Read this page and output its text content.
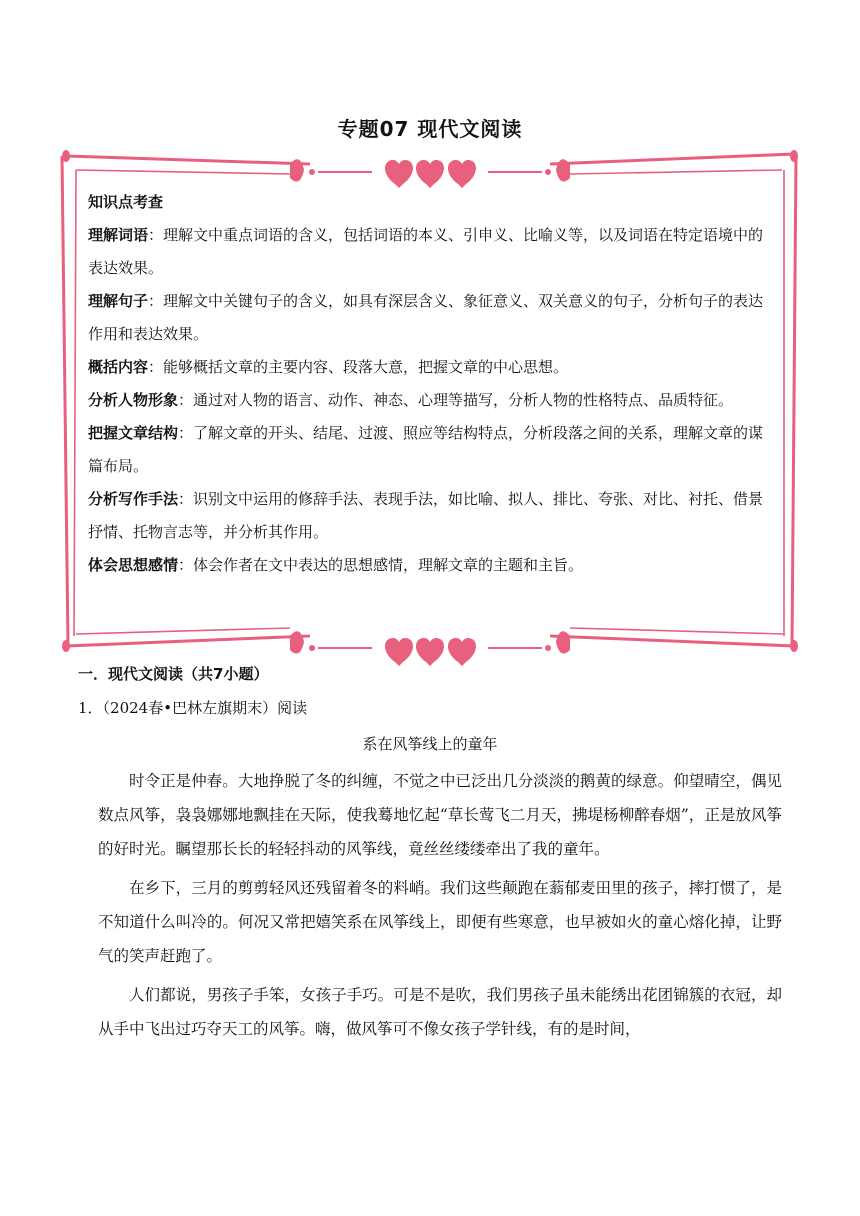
专题07 现代文阅读

知识点考查

理解词语：理解文中重点词语的含义，包括词语的本义、引申义、比喻义等，以及词语在特定语境中的表达效果。

理解句子：理解文中关键句子的含义，如具有深层含义、象征意义、双关意义的句子，分析句子的表达作用和表达效果。

概括内容：能够概括文章的主要内容、段落大意，把握文章的中心思想。

分析人物形象：通过对人物的语言、动作、神态、心理等描写，分析人物的性格特点、品质特征。

把握文章结构：了解文章的开头、结尾、过渡、照应等结构特点，分析段落之间的关系，理解文章的谋篇布局。

分析写作手法：识别文中运用的修辞手法、表现手法，如比喻、拟人、排比、夸张、对比、衬托、借景抒情、托物言志等，并分析其作用。

体会思想感情：体会作者在文中表达的思想感情，理解文章的主题和主旨。

一．现代文阅读（共7小题）
1．（2024春•巴林左旗期末）阅读
系在风筝线上的童年

时令正是仲春。大地挣脱了冬的纠缠，不觉之中已泛出几分淡淡的鹅黄的绿意。仰望晴空，偶见数点风筝，袅袅娜娜地飘挂在天际，使我蓦地忆起“草长莺飞二月天，拂堤杨柳醉春烟”，正是放风筝的好时光。瞩望那长长的轻轻抖动的风筝线，竟丝丝缕缕牵出了我的童年。

在乡下，三月的剪剪轻风还残留着冬的料峭。我们这些颠跑在蓊郁麦田里的孩子，摔打惯了，是不知道什么叫冷的。何况又常把嬉笑系在风筝线上，即便有些寒意，也早被如火的童心熔化掉，让野气的笑声赶跑了。

人们都说，男孩子手笨，女孩子手巧。可是不是吹，我们男孩子虽未能绣出花团锦簇的衣冠，却从手中飞出过巧夺天工的风筝。嗨，做风筝可不像女孩子学针线，有的是时间，
